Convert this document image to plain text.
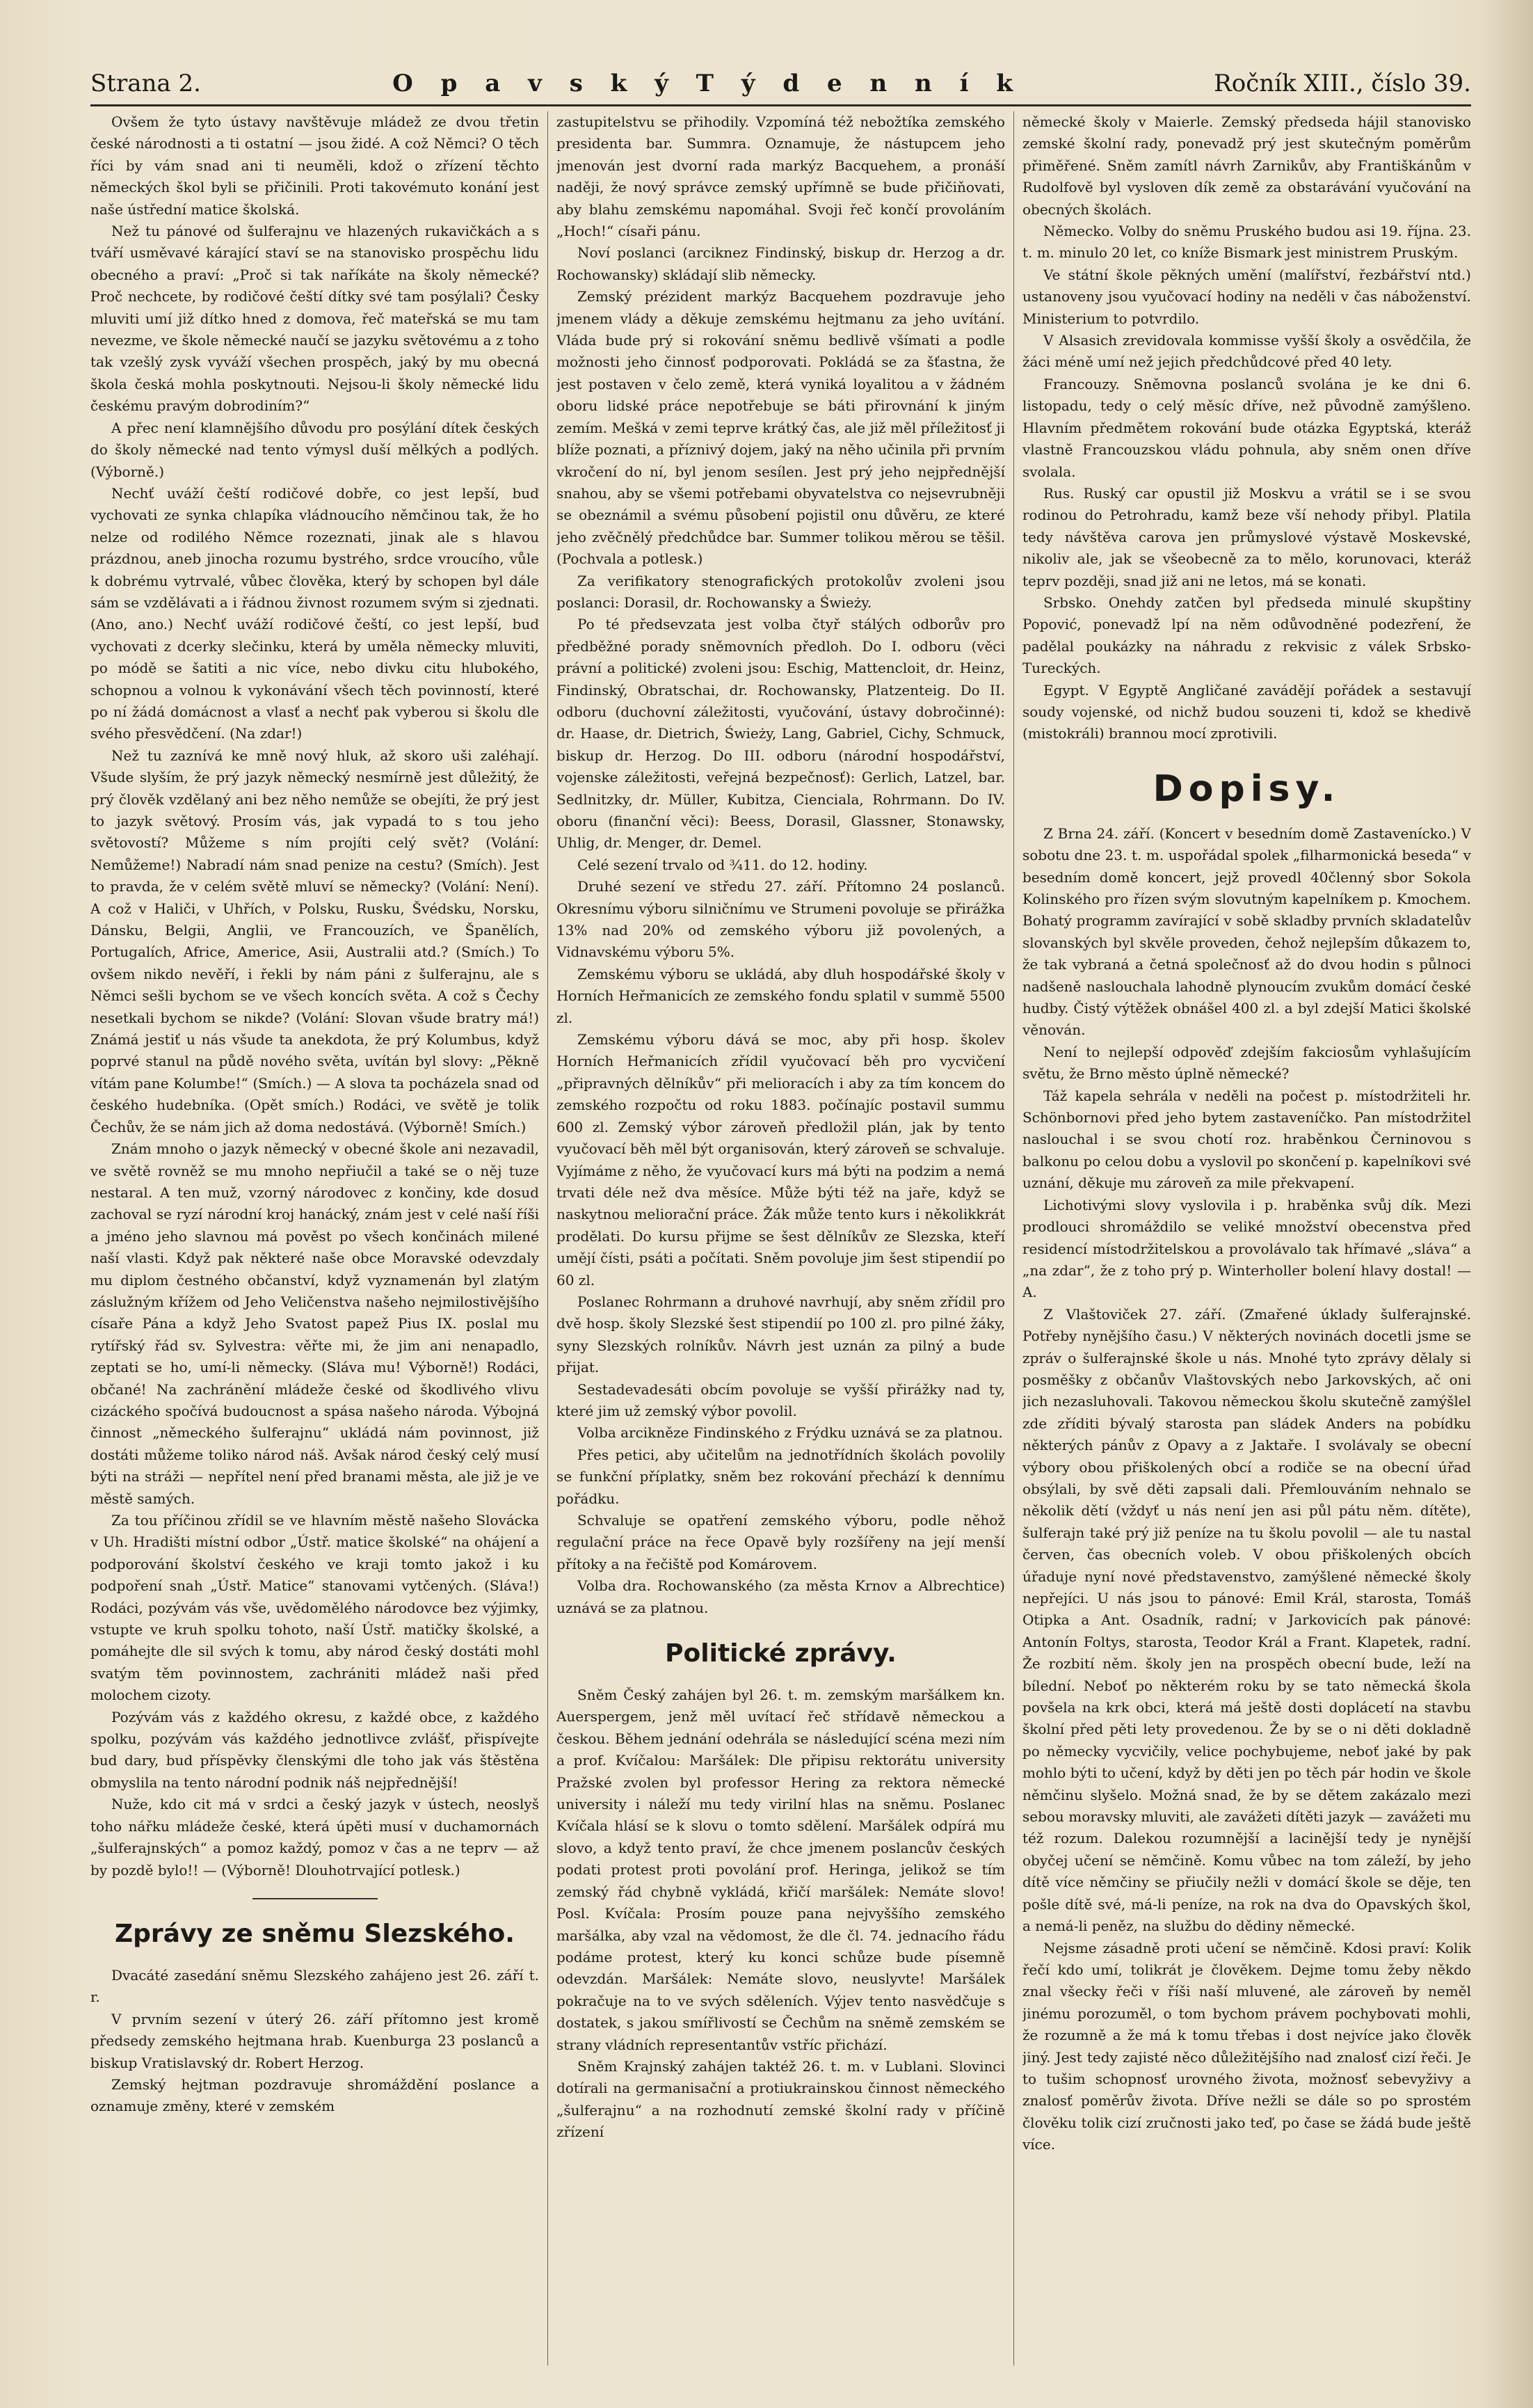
Strana 2.	O p a v s k ý T ý d e n n í k	Ročník XIII., číslo 39.

Ovšem že tyto ústavy navštěvuje mládež ze dvou třetin české národnosti a ti ostatní — jsou židé. A což Němci? O těch říci by vám snad ani ti neuměli, kdož o zřízení těchto německých škol byli se přičinili. Proti takovémuto konání jest naše ústřední matice školská.

Než tu pánové od šulferajnu ve hlazených rukavičkách a s tváří usměvavé kárající staví se na stanovisko prospěchu lidu obecného a praví: „Proč si tak naříkáte na školy německé? Proč nechcete, by rodičové čeští dítky své tam posýlali? Česky mluviti umí již dítko hned z domova, řeč mateřská se mu tam nevezme, ve škole německé naučí se jazyku světovému a z toho tak vzešlý zysk vyváží všechen prospěch, jaký by mu obecná škola česká mohla poskytnouti. Nejsou-li školy německé lidu českému pravým dobrodiním?“

A přec není klamnějšího důvodu pro posýlání dítek českých do školy německé nad tento výmysl duší mělkých a podlých. (Výborně.)

Nechť uváží čeští rodičové dobře, co jest lepší, buď vychovati ze synka chlapíka vládnoucího němčinou tak, že ho nelze od rodilého Němce rozeznati, jinak ale s hlavou prázdnou, aneb jinocha rozumu bystrého, srdce vroucího, vůle k dobrému vytrvalé, vůbec člověka, který by schopen byl dále sám se vzdělávati a i řádnou živnost rozumem svým si zjednati. (Ano, ano.) Nechť uváží rodičové čeští, co jest lepší, buď vychovati z dcerky slečinku, která by uměla německy mluviti, po módě se šatiti a nic více, nebo divku citu hlubokého, schopnou a volnou k vykonávání všech těch povinností, které po ní žádá domácnost a vlasť a nechť pak vyberou si školu dle svého přesvědčení. (Na zdar!)

Než tu zaznívá ke mně nový hluk, až skoro uši zaléhají. Všude slyším, že prý jazyk německý nesmírně jest důležitý, že prý člověk vzdělaný ani bez něho nemůže se obejíti, že prý jest to jazyk světový. Prosím vás, jak vypadá to s tou jeho světovostí? Můžeme s ním projíti celý svět? (Volání: Nemůžeme!) Nabradí nám snad penize na cestu? (Smích). Jest to pravda, že v celém světě mluví se německy? (Volání: Není). A což v Haliči, v Uhřích, v Polsku, Rusku, Švédsku, Norsku, Dánsku, Belgii, Anglii, ve Francouzích, ve Španělích, Portugalích, Africe, Americe, Asii, Australii atd.? (Smích.) To ovšem nikdo nevěří, i řekli by nám páni z šulferajnu, ale s Němci sešli bychom se ve všech koncích světa. A což s Čechy nesetkali bychom se nikde? (Volání: Slovan všude bratry má!) Známá jestiť u nás všude ta anekdota, že prý Kolumbus, když poprvé stanul na půdě nového světa, uvítán byl slovy: „Pěkně vítám pane Kolumbe!“ (Smích.) — A slova ta pocházela snad od českého hudebníka. (Opět smích.) Rodáci, ve světě je tolik Čechův, že se nám jich až doma nedostává. (Výborně! Smích.)

Znám mnoho o jazyk německý v obecné škole ani nezavadil, ve světě rovněž se mu mnoho nepřiučil a také se o něj tuze nestaral. A ten muž, vzorný národovec z končiny, kde dosud zachoval se ryzí národní kroj hanácký, znám jest v celé naší říši a jméno jeho slavnou má pověst po všech končinách milené naší vlasti. Když pak některé naše obce Moravské odevzdaly mu diplom čestného občanství, když vyznamenán byl zlatým záslužným křížem od Jeho Veličenstva našeho nejmilostivějšího císaře Pána a když Jeho Svatost papež Pius IX. poslal mu rytířský řád sv. Sylvestra: věřte mi, že jim ani nenapadlo, zeptati se ho, umí-li německy. (Sláva mu! Výborně!) Rodáci, občané! Na zachránění mládeže české od škodlivého vlivu cizáckého spočívá budoucnost a spása našeho národa. Výbojná činnost „německého šulferajnu“ ukládá nám povinnost, již dostáti můžeme toliko národ náš. Avšak národ český celý musí býti na stráži — nepřítel není před branami města, ale již je ve městě samých.

Za tou příčinou zřídil se ve hlavním městě našeho Slovácka v Uh. Hradišti místní odbor „Ústř. matice školské“ na ohájení a podporování školství českého ve kraji tomto jakož i ku podpoření snah „Ústř. Matice“ stanovami vytčených. (Sláva!) Rodáci, pozývám vás vše, uvědomělého národovce bez výjimky, vstupte ve kruh spolku tohoto, naší Ústř. matičky školské, a pomáhejte dle sil svých k tomu, aby národ český dostáti mohl svatým těm povinnostem, zachrániti mládež naši před molochem cizoty.

Pozývám vás z každého okresu, z každé obce, z každého spolku, pozývám vás každého jednotlivce zvlášť, přispívejte bud dary, bud příspěvky členskými dle toho jak vás štěstěna obmyslila na tento národní podnik náš nejpřednější!

Nuže, kdo cit má v srdci a český jazyk v ústech, neoslyš toho nářku mládeže české, která úpěti musí v duchamornách „šulferajnských“ a pomoz každý, pomoz v čas a ne teprv — až by pozdě bylo!! — (Výborně! Dlouhotrvající potlesk.)

Zprávy ze sněmu Slezského.

Dvacáté zasedání sněmu Slezského zahájeno jest 26. září t. r.

V prvním sezení v úterý 26. září přítomno jest kromě předsedy zemského hejtmana hrab. Kuenburga 23 poslanců a biskup Vratislavský dr. Robert Herzog.

Zemský hejtman pozdravuje shromáždění poslance a oznamuje změny, které v zemském

zastupitelstvu se přihodily. Vzpomíná též nebožtíka zemského presidenta bar. Summra. Oznamuje, že nástupcem jeho jmenován jest dvorní rada markýz Bacquehem, a pronáší naději, že nový správce zemský upřímně se bude přičiňovati, aby blahu zemskému napomáhal. Svoji řeč končí provoláním „Hoch!“ císaři pánu.

Noví poslanci (arciknez Findinský, biskup dr. Herzog a dr. Rochowansky) skládají slib německy.

Zemský prézident markýz Bacquehem pozdravuje jeho jmenem vlády a děkuje zemskému hejtmanu za jeho uvítání. Vláda bude prý si rokování sněmu bedlivě všímati a podle možnosti jeho činnosť podporovati. Pokládá se za šťastna, že jest postaven v čelo země, která vyniká loyalitou a v žádném oboru lidské práce nepotřebuje se báti přirovnání k jiným zemím. Mešká v zemi teprve krátký čas, ale již měl příležitosť ji blíže poznati, a příznivý dojem, jaký na něho učinila při prvním vkročení do ní, byl jenom sesílen. Jest prý jeho nejpřednější snahou, aby se všemi potřebami obyvatelstva co nejsevrubněji se obeznámil a svému působení pojistil onu důvěru, ze které jeho zvěčnělý předchůdce bar. Summer tolikou měrou se těšil. (Pochvala a potlesk.)

Za verifikatory stenografických protokolův zvoleni jsou poslanci: Dorasil, dr. Rochowansky a Świeży.

Po té předsevzata jest volba čtyř stálých odborův pro předběžné porady sněmovních předloh. Do I. odboru (věci právní a politické) zvoleni jsou: Eschig, Mattencloit, dr. Heinz, Findinský, Obratschai, dr. Rochowansky, Platzenteig. Do II. odboru (duchovní záležitosti, vyučování, ústavy dobročinné): dr. Haase, dr. Dietrich, Świeży, Lang, Gabriel, Cichy, Schmuck, biskup dr. Herzog. Do III. odboru (národní hospodářství, vojenske záležitosti, veřejná bezpečnosť): Gerlich, Latzel, bar. Sedlnitzky, dr. Müller, Kubitza, Cienciala, Rohrmann. Do IV. oboru (finanční věci): Beess, Dorasil, Glassner, Stonawsky, Uhlig, dr. Menger, dr. Demel.

Celé sezení trvalo od ¾11. do 12. hodiny.

Druhé sezení ve středu 27. září. Přítomno 24 poslanců. Okresnímu výboru silničnímu ve Strumeni povoluje se přirážka 13% nad 20% od zemského výboru již povolených, a Vidnavskému výboru 5%.

Zemskému výboru se ukládá, aby dluh hospodářské školy v Horních Heřmanicích ze zemského fondu splatil v summě 5500 zl.

Zemskému výboru dává se moc, aby při hosp. školev Horních Heřmanicích zřídil vyučovací běh pro vycvičení „připravných dělníkův“ při melioracích i aby za tím koncem do zemského rozpočtu od roku 1883. počínajíc postavil summu 600 zl. Zemský výbor zároveň předložil plán, jak by tento vyučovací běh měl být organisován, který zároveň se schvaluje. Vyjímáme z něho, že vyučovací kurs má býti na podzim a nemá trvati déle než dva měsíce. Může býti též na jaře, když se naskytnou meliorační práce. Žák může tento kurs i několikkrát prodělati. Do kursu přijme se šest dělníkův ze Slezska, kteří umějí čísti, psáti a počítati. Sněm povoluje jim šest stipendií po 60 zl.

Poslanec Rohrmann a druhové navrhují, aby sněm zřídil pro dvě hosp. školy Slezské šest stipendií po 100 zl. pro pilné žáky, syny Slezských rolníkův. Návrh jest uznán za pilný a bude přijat.

Sestadevadesáti obcím povoluje se vyšší přirážky nad ty, které jim už zemský výbor povolil.

Volba arcikněze Findinského z Frýdku uznává se za platnou.

Přes petici, aby učitelům na jednotřídních školách povolily se funkční příplatky, sněm bez rokování přechází k dennímu pořádku.

Schvaluje se opatření zemského výboru, podle něhož regulační práce na řece Opavě byly rozšířeny na její menší přítoky a na řečiště pod Komárovem.

Volba dra. Rochowanského (za města Krnov a Albrechtice) uznává se za platnou.

Politické zprávy.

Sněm Český zahájen byl 26. t. m. zemským maršálkem kn. Auerspergem, jenž měl uvítací řeč střídavě německou a českou. Během jednání odehrála se následující scéna mezi ním a prof. Kvíčalou: Maršálek: Dle připisu rektorátu university Pražské zvolen byl professor Hering za rektora německé university i náleží mu tedy virilní hlas na sněmu. Poslanec Kvíčala hlásí se k slovu o tomto sdělení. Maršálek odpírá mu slovo, a když tento praví, že chce jmenem poslancův českých podati protest proti povolání prof. Heringa, jelikož se tím zemský řád chybně vykládá, křičí maršálek: Nemáte slovo! Posl. Kvíčala: Prosím pouze pana nejvyššího zemského maršálka, aby vzal na vědomost, že dle čl. 74. jednacího řádu podáme protest, který ku konci schůze bude písemně odevzdán. Maršálek: Nemáte slovo, neuslyvte! Maršálek pokračuje na to ve svých sděleních. Výjev tento nasvědčuje s dostatek, s jakou smířlivostí se Čechům na sněmě zemském se strany vládních representantův vstříc přichází.

Sněm Krajnský zahájen taktéž 26. t. m. v Lublani. Slovinci dotírali na germanisační a protiukrainskou činnost německého „šulferajnu“ a na rozhodnutí zemské školní rady v příčině zřízení

německé školy v Maierle. Zemský předseda hájil stanovisko zemské školní rady, ponevadž prý jest skutečným poměrům přiměřené. Sněm zamítl návrh Zarnikův, aby Františkánům v Rudolfově byl vysloven dík země za obstarávání vyučování na obecných školách.

Německo. Volby do sněmu Pruského budou asi 19. října. 23. t. m. minulo 20 let, co kníže Bismark jest ministrem Pruským.

Ve státní škole pěkných umění (malířství, řezbářství ntd.) ustanoveny jsou vyučovací hodiny na neděli v čas náboženství. Ministerium to potvrdilo.

V Alsasich zrevidovala kommisse vyšší školy a osvědčila, že žáci méně umí než jejich předchůdcové před 40 lety.

Francouzy. Sněmovna poslanců svolána je ke dni 6. listopadu, tedy o celý měsíc dříve, než původně zamýšleno. Hlavním předmětem rokování bude otázka Egyptská, kteráž vlastně Francouzskou vládu pohnula, aby sněm onen dříve svolala.

Rus. Ruský car opustil již Moskvu a vrátil se i se svou rodinou do Petrohradu, kamž beze vší nehody přibyl. Platila tedy návštěva carova jen průmyslové výstavě Moskevské, nikoliv ale, jak se všeobecně za to mělo, korunovaci, kteráž teprv později, snad již ani ne letos, má se konati.

Srbsko. Onehdy zatčen byl předseda minulé skupštiny Popović, ponevadž lpí na něm odůvodněné podezření, že padělal poukázky na náhradu z rekvisic z válek Srbsko-Tureckých.

Egypt. V Egyptě Angličané zavádějí pořádek a sestavují soudy vojenské, od nichž budou souzeni ti, kdož se khedivě (mistokráli) brannou mocí zprotivili.

Dopisy.

Z Brna 24. září. (Koncert v besedním domě Zastavenícko.) V sobotu dne 23. t. m. uspořádal spolek „filharmonická beseda“ v besedním domě koncert, jejž provedl 40členný sbor Sokola Kolinského pro řízen svým slovutným kapelníkem p. Kmochem. Bohatý programm zavírající v sobě skladby prvních skladatelův slovanských byl skvěle proveden, čehož nejlepším důkazem to, že tak vybraná a četná společnosť až do dvou hodin s půlnoci nadšeně naslouchala lahodně plynoucím zvukům domácí české hudby. Čistý výtěžek obnášel 400 zl. a byl zdejší Matici školské věnován.

Není to nejlepší odpověď zdejším fakciosům vyhlašujícím světu, že Brno město úplně německé?

Táž kapela sehrála v neděli na počest p. místodržiteli hr. Schönbornovi před jeho bytem zastaveníčko. Pan místodržitel naslouchal i se svou chotí roz. hraběnkou Černinovou s balkonu po celou dobu a vyslovil po skončení p. kapelníkovi své uznání, děkuje mu zároveň za mile překvapení.

Lichotivými slovy vyslovila i p. hraběnka svůj dík. Mezi prodlouci shromáždilo se veliké množství obecenstva před residencí místodržitelskou a provolávalo tak hřímavé „sláva“ a „na zdar“, že z toho prý p. Winterholler bolení hlavy dostal! — A.

Z Vlaštoviček 27. září. (Zmařené úklady šulferajnské. Potřeby nynějšího času.) V některých novinách docetli jsme se zpráv o šulferajnské škole u nás. Mnohé tyto zprávy dělaly si posměšky z občanův Vlaštovských nebo Jarkovských, ač oni jich nezasluhovali. Takovou německou školu skutečně zamýšlel zde zříditi bývalý starosta pan sládek Anders na pobídku některých pánův z Opavy a z Jaktaře. I svolávaly se obecní výbory obou přiškolených obcí a rodiče se na obecní úřad obsýlali, by svě děti zapsali dali. Přemlouváním nehnalo se několik dětí (vždyť u nás není jen asi půl pátu něm. dítěte), šulferajn také prý již peníze na tu školu povolil — ale tu nastal červen, čas obecních voleb. V obou přiškolených obcích úřaduje nyní nové představenstvo, zamýšlené německé školy nepřejíci. U nás jsou to pánové: Emil Král, starosta, Tomáš Otipka a Ant. Osadník, radní; v Jarkovicích pak pánové: Antonín Foltys, starosta, Teodor Král a Frant. Klapetek, radní. Že rozbití něm. školy jen na prospěch obecní bude, leží na bílední. Neboť po některém roku by se tato německá škola povšela na krk obci, která má ještě dosti doplácetí na stavbu školní před pěti lety provedenou. Že by se o ni děti dokladně po německy vycvičily, velice pochybujeme, neboť jaké by pak mohlo býti to učení, když by děti jen po těch pár hodin ve škole němčinu slyšelo. Možná snad, že by se dětem zakázalo mezi sebou moravsky mluviti, ale zavážeti dítěti jazyk — zavážeti mu též rozum. Dalekou rozumnější a lacinější tedy je nynější obyčej učení se němčině. Komu vůbec na tom záleží, by jeho dítě více němčiny se přiučily nežli v domácí škole se děje, ten pošle dítě své, má-li peníze, na rok na dva do Opavských škol, a nemá-li peněz, na službu do dědiny německé.

Nejsme zásadně proti učení se němčině. Kdosi praví: Kolik řečí kdo umí, tolikrát je člověkem. Dejme tomu žeby někdo znal všecky řeči v říši naší mluvené, ale zároveň by neměl jinému porozuměl, o tom bychom právem pochybovati mohli, že rozumně a že má k tomu třebas i dost nejvíce jako člověk jiný. Jest tedy zajisté něco důležitějšího nad znalosť cizí řeči. Je to tušim schopnosť urovného života, možnosť sebevyživy a znalosť poměrův života. Dříve nežli se dále so po sprostém člověku tolik cizí zručnosti jako teď, po čase se žádá bude ještě více.
